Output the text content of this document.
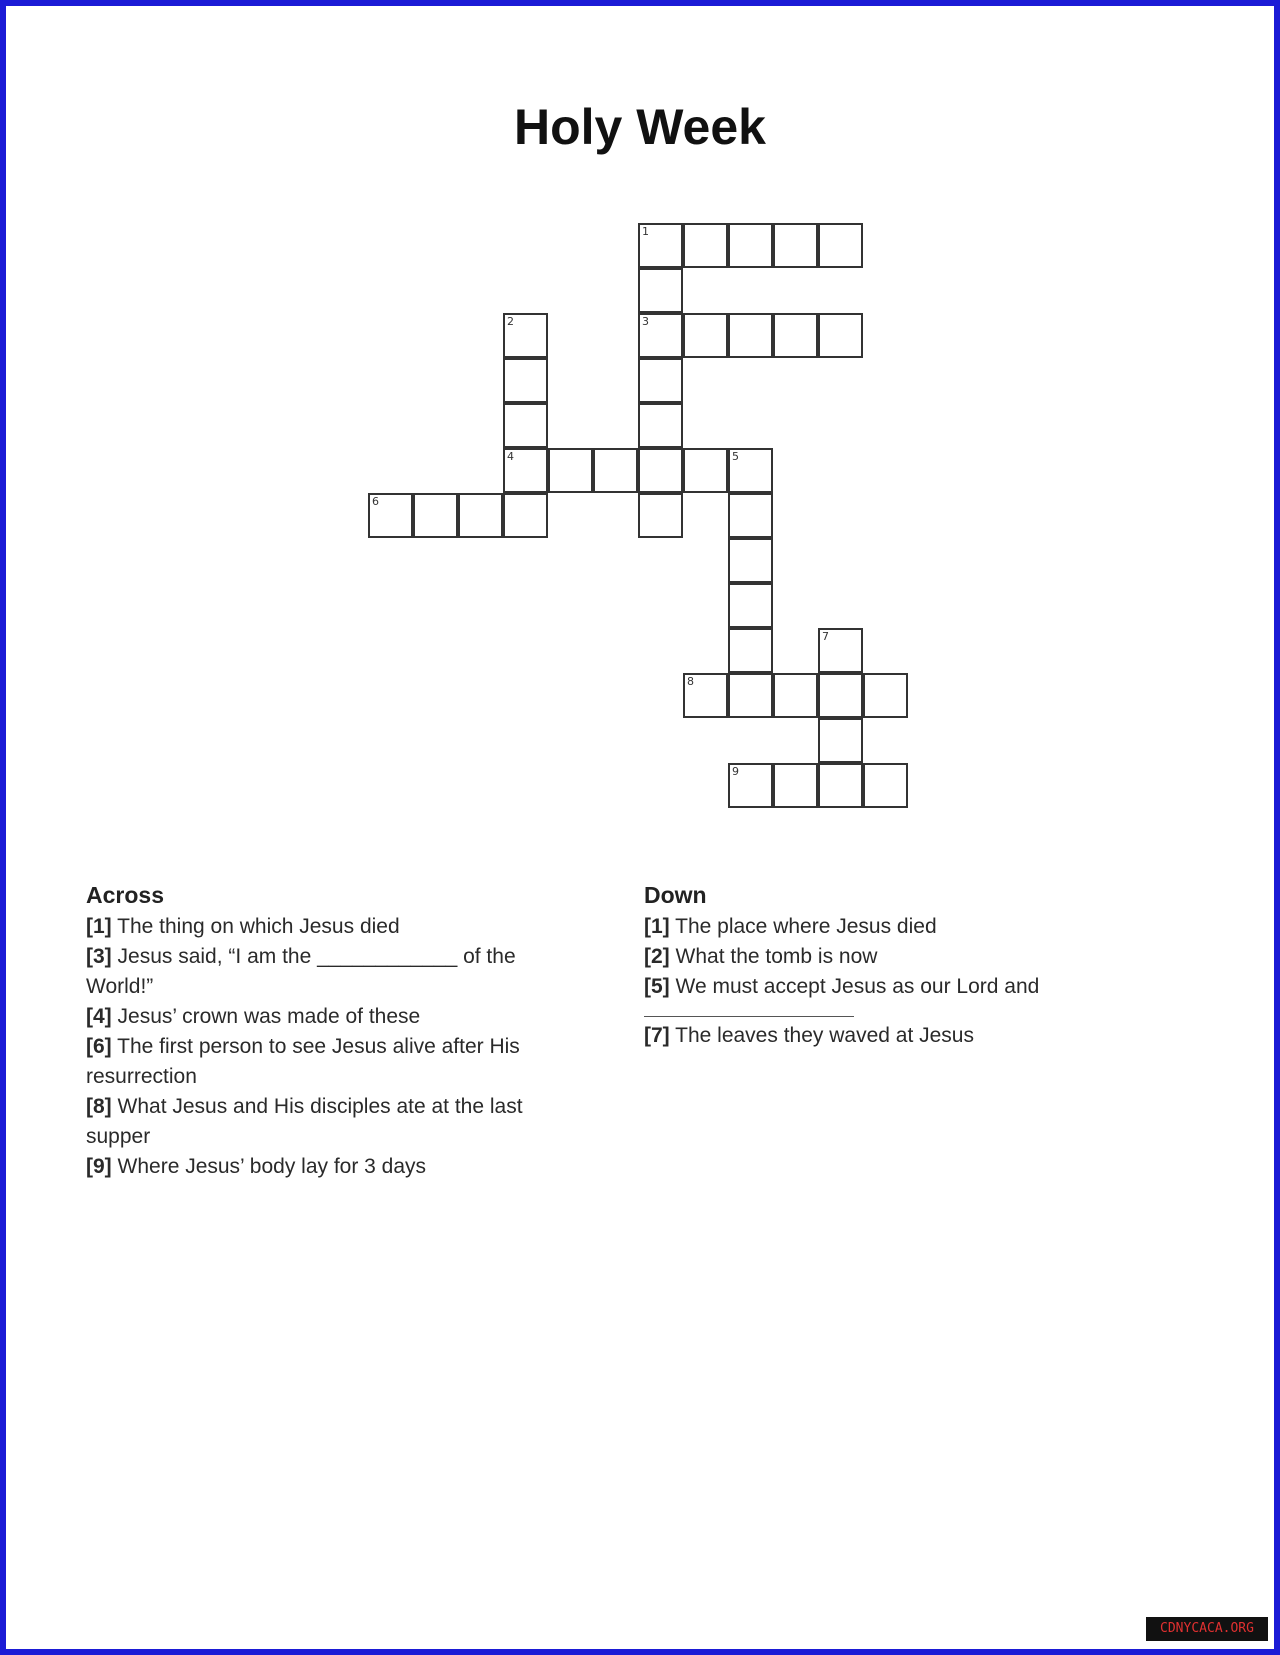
Holy Week
1
2	3
4	5
6
7
8
9
Across

[1] The thing on which Jesus died

[3] Jesus said, “I am the ____________ of the World!”

[4] Jesus’ crown was made of these

[6] The first person to see Jesus alive after His resurrection

[8] What Jesus and His disciples ate at the last supper

[9] Where Jesus’ body lay for 3 days

Down

[1] The place where Jesus died

[2] What the tomb is now

[5] We must accept Jesus as our Lord and

[7] The leaves they waved at Jesus

CDNYCACA.ORG
